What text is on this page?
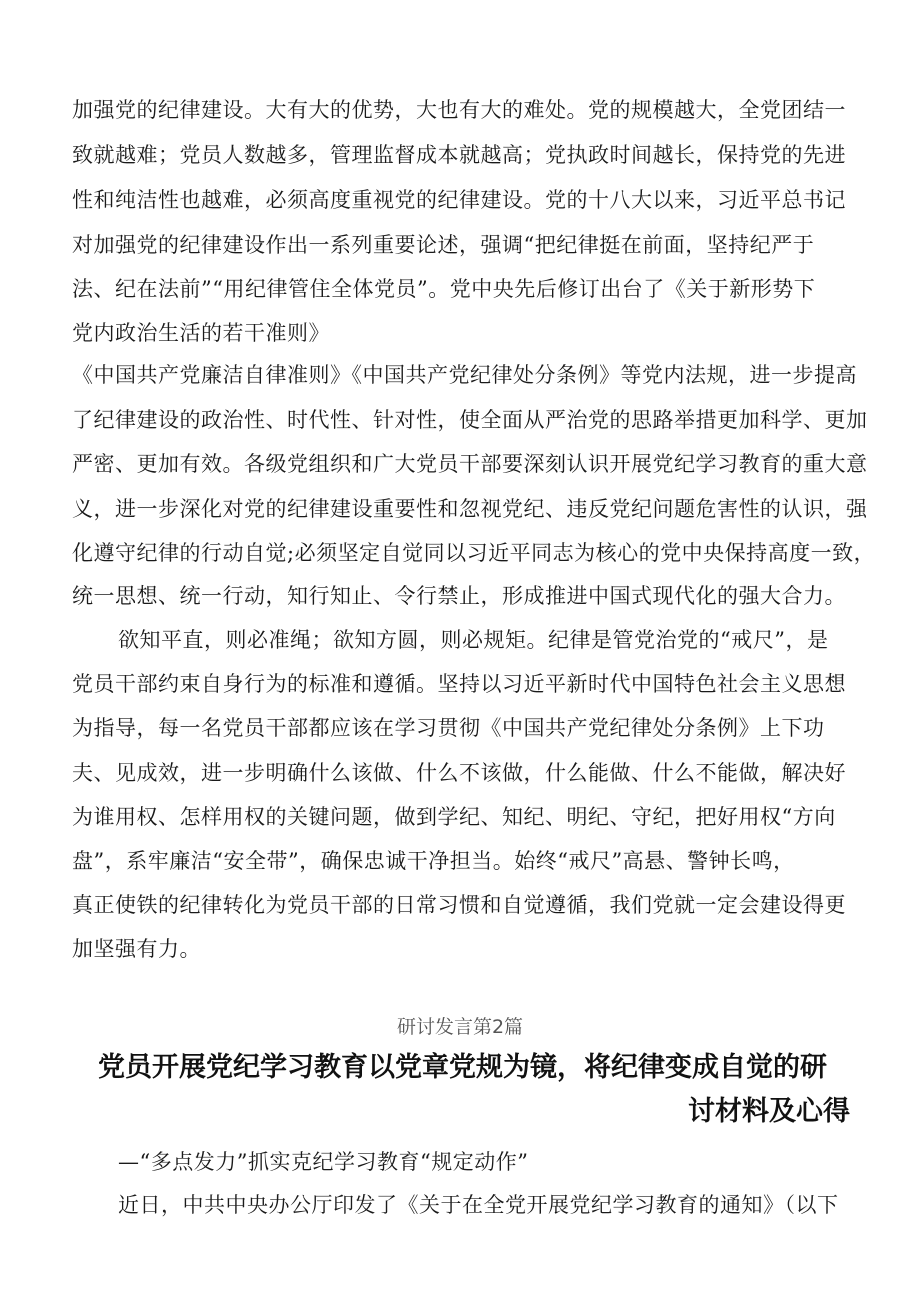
加强党的纪律建设。大有大的优势，大也有大的难处。党的规模越大，全党团结一
致就越难；党员人数越多，管理监督成本就越高；党执政时间越长，保持党的先进
性和纯洁性也越难，必须高度重视党的纪律建设。党的十八大以来，习近平总书记
对加强党的纪律建设作出一系列重要论述，强调“把纪律挺在前面，坚持纪严于
法、纪在法前”“用纪律管住全体党员”。党中央先后修订出台了《关于新形势下
党内政治生活的若干准则》
《中国共产党廉洁自律准则》《中国共产党纪律处分条例》等党内法规，进一步提高
了纪律建设的政治性、时代性、针对性，使全面从严治党的思路举措更加科学、更加
严密、更加有效。各级党组织和广大党员干部要深刻认识开展党纪学习教育的重大意
义，进一步深化对党的纪律建设重要性和忽视党纪、违反党纪问题危害性的认识，强
化遵守纪律的行动自觉;必须坚定自觉同以习近平同志为核心的党中央保持高度一致，
统一思想、统一行动，知行知止、令行禁止，形成推进中国式现代化的强大合力。
欲知平直，则必准绳；欲知方圆，则必规矩。纪律是管党治党的“戒尺”，是
党员干部约束自身行为的标准和遵循。坚持以习近平新时代中国特色社会主义思想
为指导，每一名党员干部都应该在学习贯彻《中国共产党纪律处分条例》上下功
夫、见成效，进一步明确什么该做、什么不该做，什么能做、什么不能做，解决好
为谁用权、怎样用权的关键问题，做到学纪、知纪、明纪、守纪，把好用权“方向
盘”，系牢廉洁“安全带”，确保忠诚干净担当。始终“戒尺”高悬、警钟长鸣，
真正使铁的纪律转化为党员干部的日常习惯和自觉遵循，我们党就一定会建设得更
加坚强有力。
研讨发言第2篇
党员开展党纪学习教育以党章党规为镜，将纪律变成自觉的研
讨材料及心得
—“多点发力”抓实克纪学习教育“规定动作”
近日，中共中央办公厅印发了《关于在全党开展党纪学习教育的通知》（以下
